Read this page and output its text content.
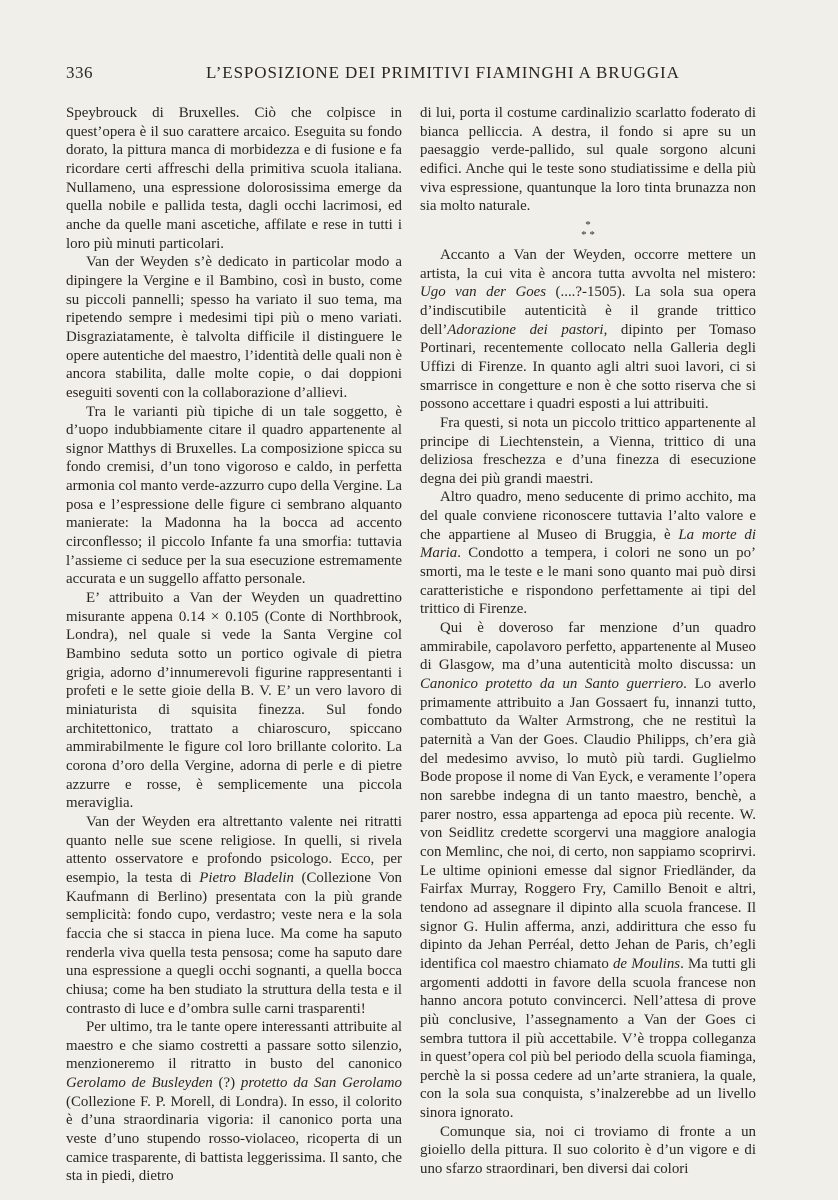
336	L’ESPOSIZIONE DEI PRIMITIVI FIAMINGHI A BRUGGIA

Speybrouck di Bruxelles. Ciò che colpisce in quest’opera è il suo carattere arcaico. Eseguita su fondo dorato, la pittura manca di morbidezza e di fusione e fa ricordare certi affreschi della primitiva scuola italiana. Nullameno, una espressione dolorosissima emerge da quella nobile e pallida testa, dagli occhi lacrimosi, ed anche da quelle mani ascetiche, affilate e rese in tutti i loro più minuti particolari.

Van der Weyden s’è dedicato in particolar modo a dipingere la Vergine e il Bambino, così in busto, come su piccoli pannelli; spesso ha variato il suo tema, ma ripetendo sempre i medesimi tipi più o meno variati. Disgraziatamente, è talvolta difficile il distinguere le opere autentiche del maestro, l’identità delle quali non è ancora stabilita, dalle molte copie, o dai doppioni eseguiti soventi con la collaborazione d’allievi.

Tra le varianti più tipiche di un tale soggetto, è d’uopo indubbiamente citare il quadro appartenente al signor Matthys di Bruxelles. La composizione spicca su fondo cremisi, d’un tono vigoroso e caldo, in perfetta armonia col manto verde-azzurro cupo della Vergine. La posa e l’espressione delle figure ci sembrano alquanto manierate: la Madonna ha la bocca ad accento circonflesso; il piccolo Infante fa una smorfia: tuttavia l’assieme ci seduce per la sua esecuzione estremamente accurata e un suggello affatto personale.

E’ attribuito a Van der Weyden un quadrettino misurante appena 0.14 × 0.105 (Conte di Northbrook, Londra), nel quale si vede la Santa Vergine col Bambino seduta sotto un portico ogivale di pietra grigia, adorno d’innumerevoli figurine rappresentanti i profeti e le sette gioie della B. V. E’ un vero lavoro di miniaturista di squisita finezza. Sul fondo architettonico, trattato a chiaroscuro, spiccano ammirabilmente le figure col loro brillante colorito. La corona d’oro della Vergine, adorna di perle e di pietre azzurre e rosse, è semplicemente una piccola meraviglia.

Van der Weyden era altrettanto valente nei ritratti quanto nelle sue scene religiose. In quelli, si rivela attento osservatore e profondo psicologo. Ecco, per esempio, la testa di Pietro Bladelin (Collezione Von Kaufmann di Berlino) presentata con la più grande semplicità: fondo cupo, verdastro; veste nera e la sola faccia che si stacca in piena luce. Ma come ha saputo renderla viva quella testa pensosa; come ha saputo dare una espressione a quegli occhi sognanti, a quella bocca chiusa; come ha ben studiato la struttura della testa e il contrasto di luce e d’ombra sulle carni trasparenti!

Per ultimo, tra le tante opere interessanti attribuite al maestro e che siamo costretti a passare sotto silenzio, menzioneremo il ritratto in busto del canonico Gerolamo de Busleyden (?) protetto da San Gerolamo (Collezione F. P. Morell, di Londra). In esso, il colorito è d’una straordinaria vigoria: il canonico porta una veste d’uno stupendo rosso-violaceo, ricoperta di un camice trasparente, di battista leggerissima. Il santo, che sta in piedi, dietro

di lui, porta il costume cardinalizio scarlatto foderato di bianca pelliccia. A destra, il fondo si apre su un paesaggio verde-pallido, sul quale sorgono alcuni edifici. Anche qui le teste sono studiatissime e della più viva espressione, quantunque la loro tinta brunazza non sia molto naturale.

*
* *

Accanto a Van der Weyden, occorre mettere un artista, la cui vita è ancora tutta avvolta nel mistero: Ugo van der Goes (....?-1505). La sola sua opera d’indiscutibile autenticità è il grande trittico dell’Adorazione dei pastori, dipinto per Tomaso Portinari, recentemente collocato nella Galleria degli Uffizi di Firenze. In quanto agli altri suoi lavori, ci si smarrisce in congetture e non è che sotto riserva che si possono accettare i quadri esposti a lui attribuiti.

Fra questi, si nota un piccolo trittico appartenente al principe di Liechtenstein, a Vienna, trittico di una deliziosa freschezza e d’una finezza di esecuzione degna dei più grandi maestri.

Altro quadro, meno seducente di primo acchito, ma del quale conviene riconoscere tuttavia l’alto valore e che appartiene al Museo di Bruggia, è La morte di Maria. Condotto a tempera, i colori ne sono un po’ smorti, ma le teste e le mani sono quanto mai può dirsi caratteristiche e rispondono perfettamente ai tipi del trittico di Firenze.

Qui è doveroso far menzione d’un quadro ammirabile, capolavoro perfetto, appartenente al Museo di Glasgow, ma d’una autenticità molto discussa: un Canonico protetto da un Santo guerriero. Lo averlo primamente attribuito a Jan Gossaert fu, innanzi tutto, combattuto da Walter Armstrong, che ne restituì la paternità a Van der Goes. Claudio Philipps, ch’era già del medesimo avviso, lo mutò più tardi. Guglielmo Bode propose il nome di Van Eyck, e veramente l’opera non sarebbe indegna di un tanto maestro, benchè, a parer nostro, essa appartenga ad epoca più recente. W. von Seidlitz credette scorgervi una maggiore analogia con Memlinc, che noi, di certo, non sappiamo scoprirvi. Le ultime opinioni emesse dal signor Friedländer, da Fairfax Murray, Roggero Fry, Camillo Benoit e altri, tendono ad assegnare il dipinto alla scuola francese. Il signor G. Hulin afferma, anzi, addirittura che esso fu dipinto da Jehan Perréal, detto Jehan de Paris, ch’egli identifica col maestro chiamato de Moulins. Ma tutti gli argomenti addotti in favore della scuola francese non hanno ancora potuto convincerci. Nell’attesa di prove più conclusive, l’assegnamento a Van der Goes ci sembra tuttora il più accettabile. V’è troppa colleganza in quest’opera col più bel periodo della scuola fiaminga, perchè la si possa cedere ad un’arte straniera, la quale, con la sola sua conquista, s’inalzerebbe ad un livello sinora ignorato.

Comunque sia, noi ci troviamo di fronte a un gioiello della pittura. Il suo colorito è d’un vigore e di uno sfarzo straordinari, ben diversi dai colori
